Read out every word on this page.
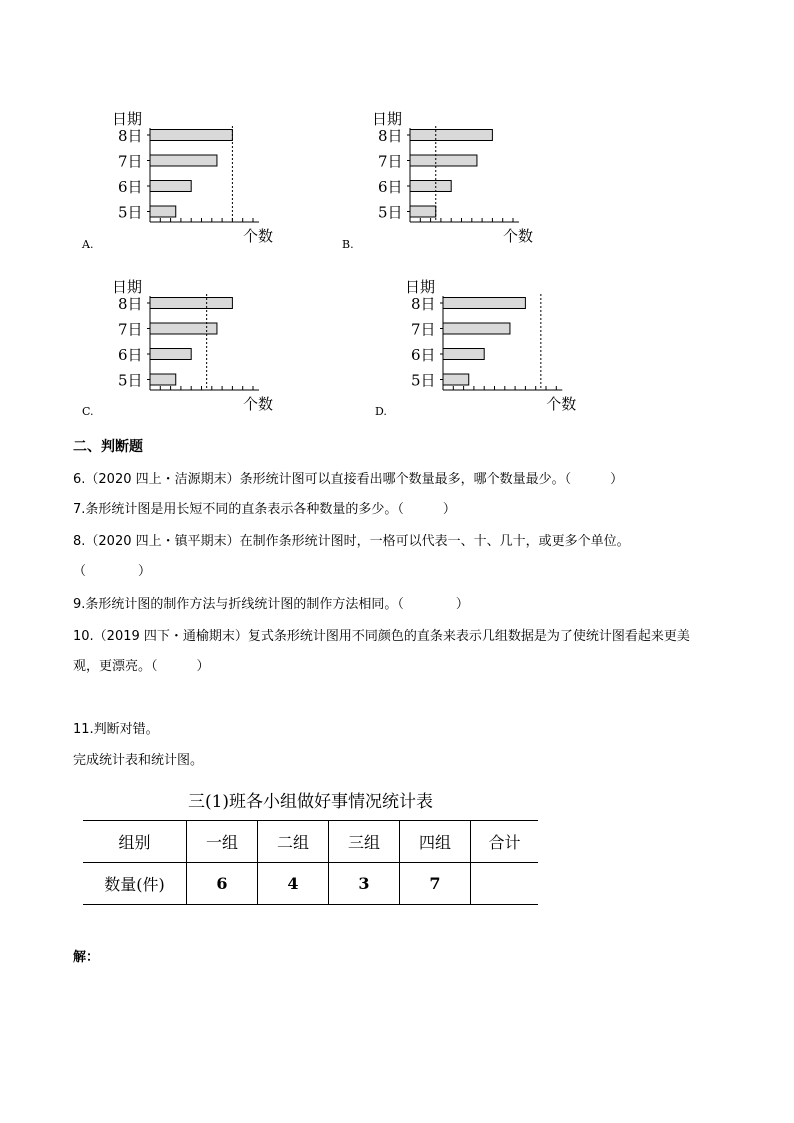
日期
8日
7日
6日
5日
个数
A.
日期
8日
7日
6日
5日
个数
B.
日期
8日
7日
6日
5日
个数
C.
日期
8日
7日
6日
5日
个数
D.
二、判断题
6.（2020 四上・洁源期末）条形统计图可以直接看出哪个数量最多，哪个数量最少。（　　　）
7.条形统计图是用长短不同的直条表示各种数量的多少。（　　　）
8.（2020 四上・镇平期末）在制作条形统计图时，一格可以代表一、十、几十，或更多个单位。
（　　　　）
9.条形统计图的制作方法与折线统计图的制作方法相同。（　　　　）
10.（2019 四下・通榆期末）复式条形统计图用不同颜色的直条来表示几组数据是为了使统计图看起来更美
观，更漂亮。（　　　）
11.判断对错。
完成统计表和统计图。
三(1)班各小组做好事情况统计表
组别	一组	二组	三组	四组	合计
数量(件)	6	4	3	7	
解：
